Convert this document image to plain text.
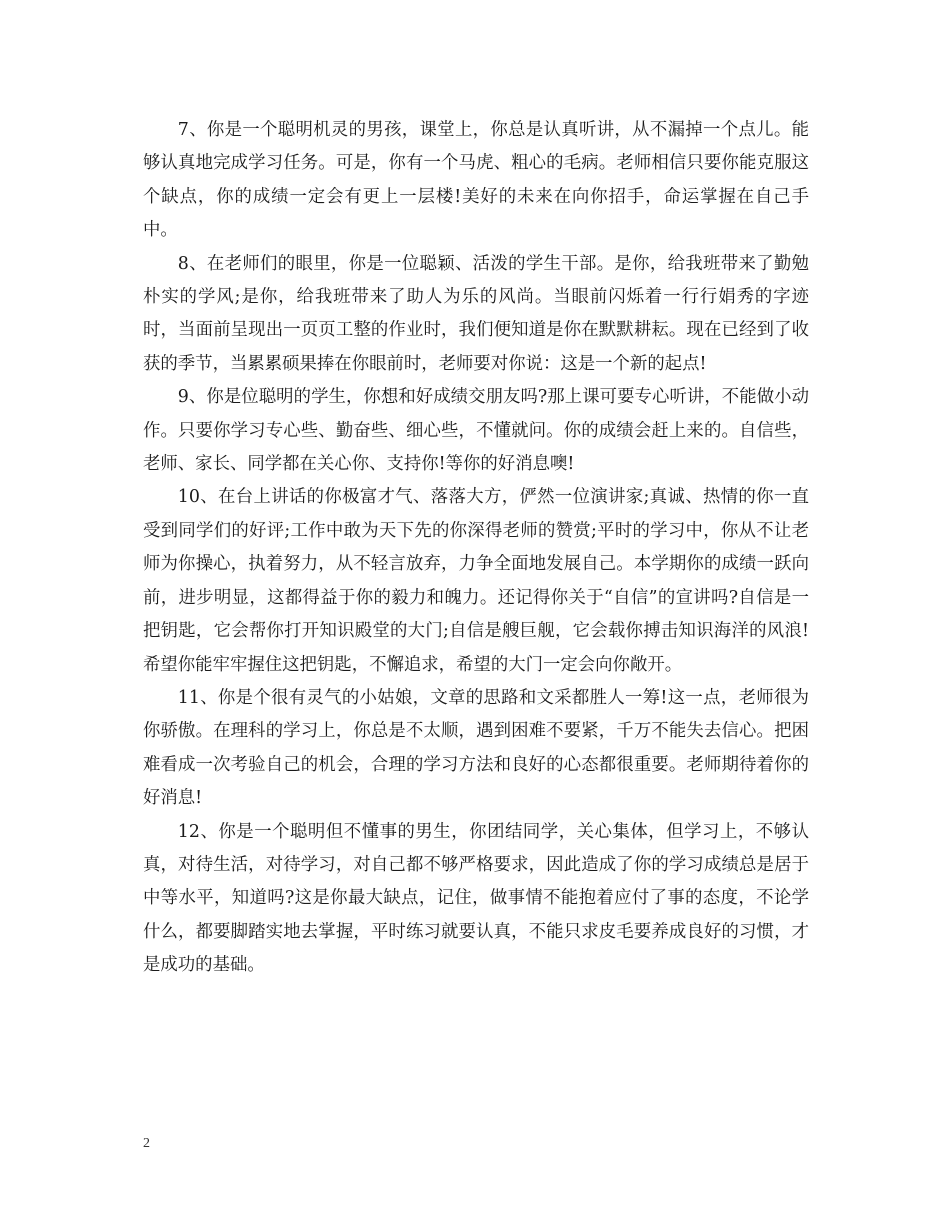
7、你是一个聪明机灵的男孩，课堂上，你总是认真听讲，从不漏掉一个点儿。能够认真地完成学习任务。可是，你有一个马虎、粗心的毛病。老师相信只要你能克服这个缺点，你的成绩一定会有更上一层楼!美好的未来在向你招手，命运掌握在自己手中。

8、在老师们的眼里，你是一位聪颖、活泼的学生干部。是你，给我班带来了勤勉朴实的学风;是你，给我班带来了助人为乐的风尚。当眼前闪烁着一行行娟秀的字迹时，当面前呈现出一页页工整的作业时，我们便知道是你在默默耕耘。现在已经到了收获的季节，当累累硕果捧在你眼前时，老师要对你说：这是一个新的起点!

9、你是位聪明的学生，你想和好成绩交朋友吗?那上课可要专心听讲，不能做小动作。只要你学习专心些、勤奋些、细心些，不懂就问。你的成绩会赶上来的。自信些，老师、家长、同学都在关心你、支持你!等你的好消息噢!

10、在台上讲话的你极富才气、落落大方，俨然一位演讲家;真诚、热情的你一直受到同学们的好评;工作中敢为天下先的你深得老师的赞赏;平时的学习中，你从不让老师为你操心，执着努力，从不轻言放弃，力争全面地发展自己。本学期你的成绩一跃向前，进步明显，这都得益于你的毅力和魄力。还记得你关于“自信”的宣讲吗?自信是一把钥匙，它会帮你打开知识殿堂的大门;自信是艘巨舰，它会载你搏击知识海洋的风浪!希望你能牢牢握住这把钥匙，不懈追求，希望的大门一定会向你敞开。

11、你是个很有灵气的小姑娘，文章的思路和文采都胜人一筹!这一点，老师很为你骄傲。在理科的学习上，你总是不太顺，遇到困难不要紧，千万不能失去信心。把困难看成一次考验自己的机会，合理的学习方法和良好的心态都很重要。老师期待着你的好消息!

12、你是一个聪明但不懂事的男生，你团结同学，关心集体，但学习上，不够认真，对待生活，对待学习，对自己都不够严格要求，因此造成了你的学习成绩总是居于中等水平，知道吗?这是你最大缺点，记住，做事情不能抱着应付了事的态度，不论学什么，都要脚踏实地去掌握，平时练习就要认真，不能只求皮毛要养成良好的习惯，才是成功的基础。

2
